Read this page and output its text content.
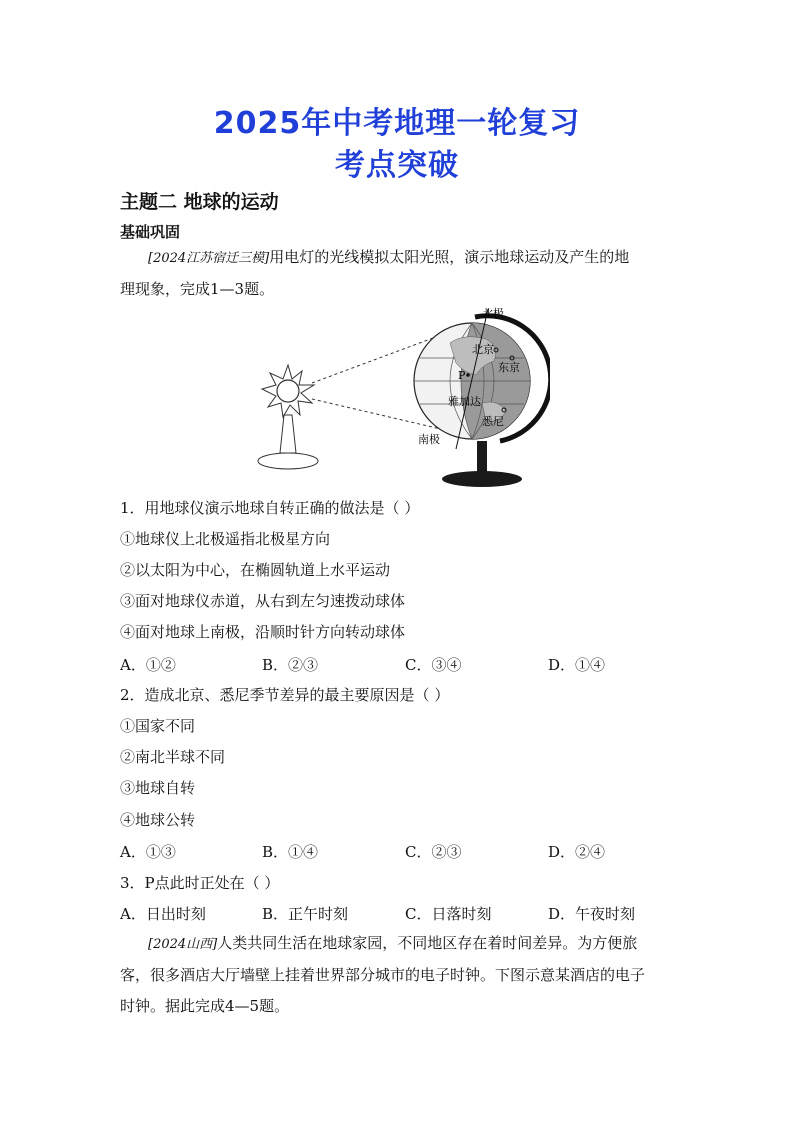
2025年中考地理一轮复习
考点突破
主题二 地球的运动
基础巩固
[2024江苏宿迁三模]用电灯的光线模拟太阳光照，演示地球运动及产生的地
理现象，完成1—3题。
北极
北京
东京
P
雅加达
悉尼
南极
1．用地球仪演示地球自转正确的做法是（ ）
①地球仪上北极遥指北极星方向
②以太阳为中心，在椭圆轨道上水平运动
③面对地球仪赤道，从右到左匀速拨动球体
④面对地球上南极，沿顺时针方向转动球体
A．①②	B．②③	C．③④	D．①④
2．造成北京、悉尼季节差异的最主要原因是（ ）
①国家不同
②南北半球不同
③地球自转
④地球公转
A．①③	B．①④	C．②③	D．②④
3．P点此时正处在（ ）
A．日出时刻	B．正午时刻	C．日落时刻	D．午夜时刻
[2024山西]人类共同生活在地球家园，不同地区存在着时间差异。为方便旅
客，很多酒店大厅墙壁上挂着世界部分城市的电子时钟。下图示意某酒店的电子
时钟。据此完成4—5题。
